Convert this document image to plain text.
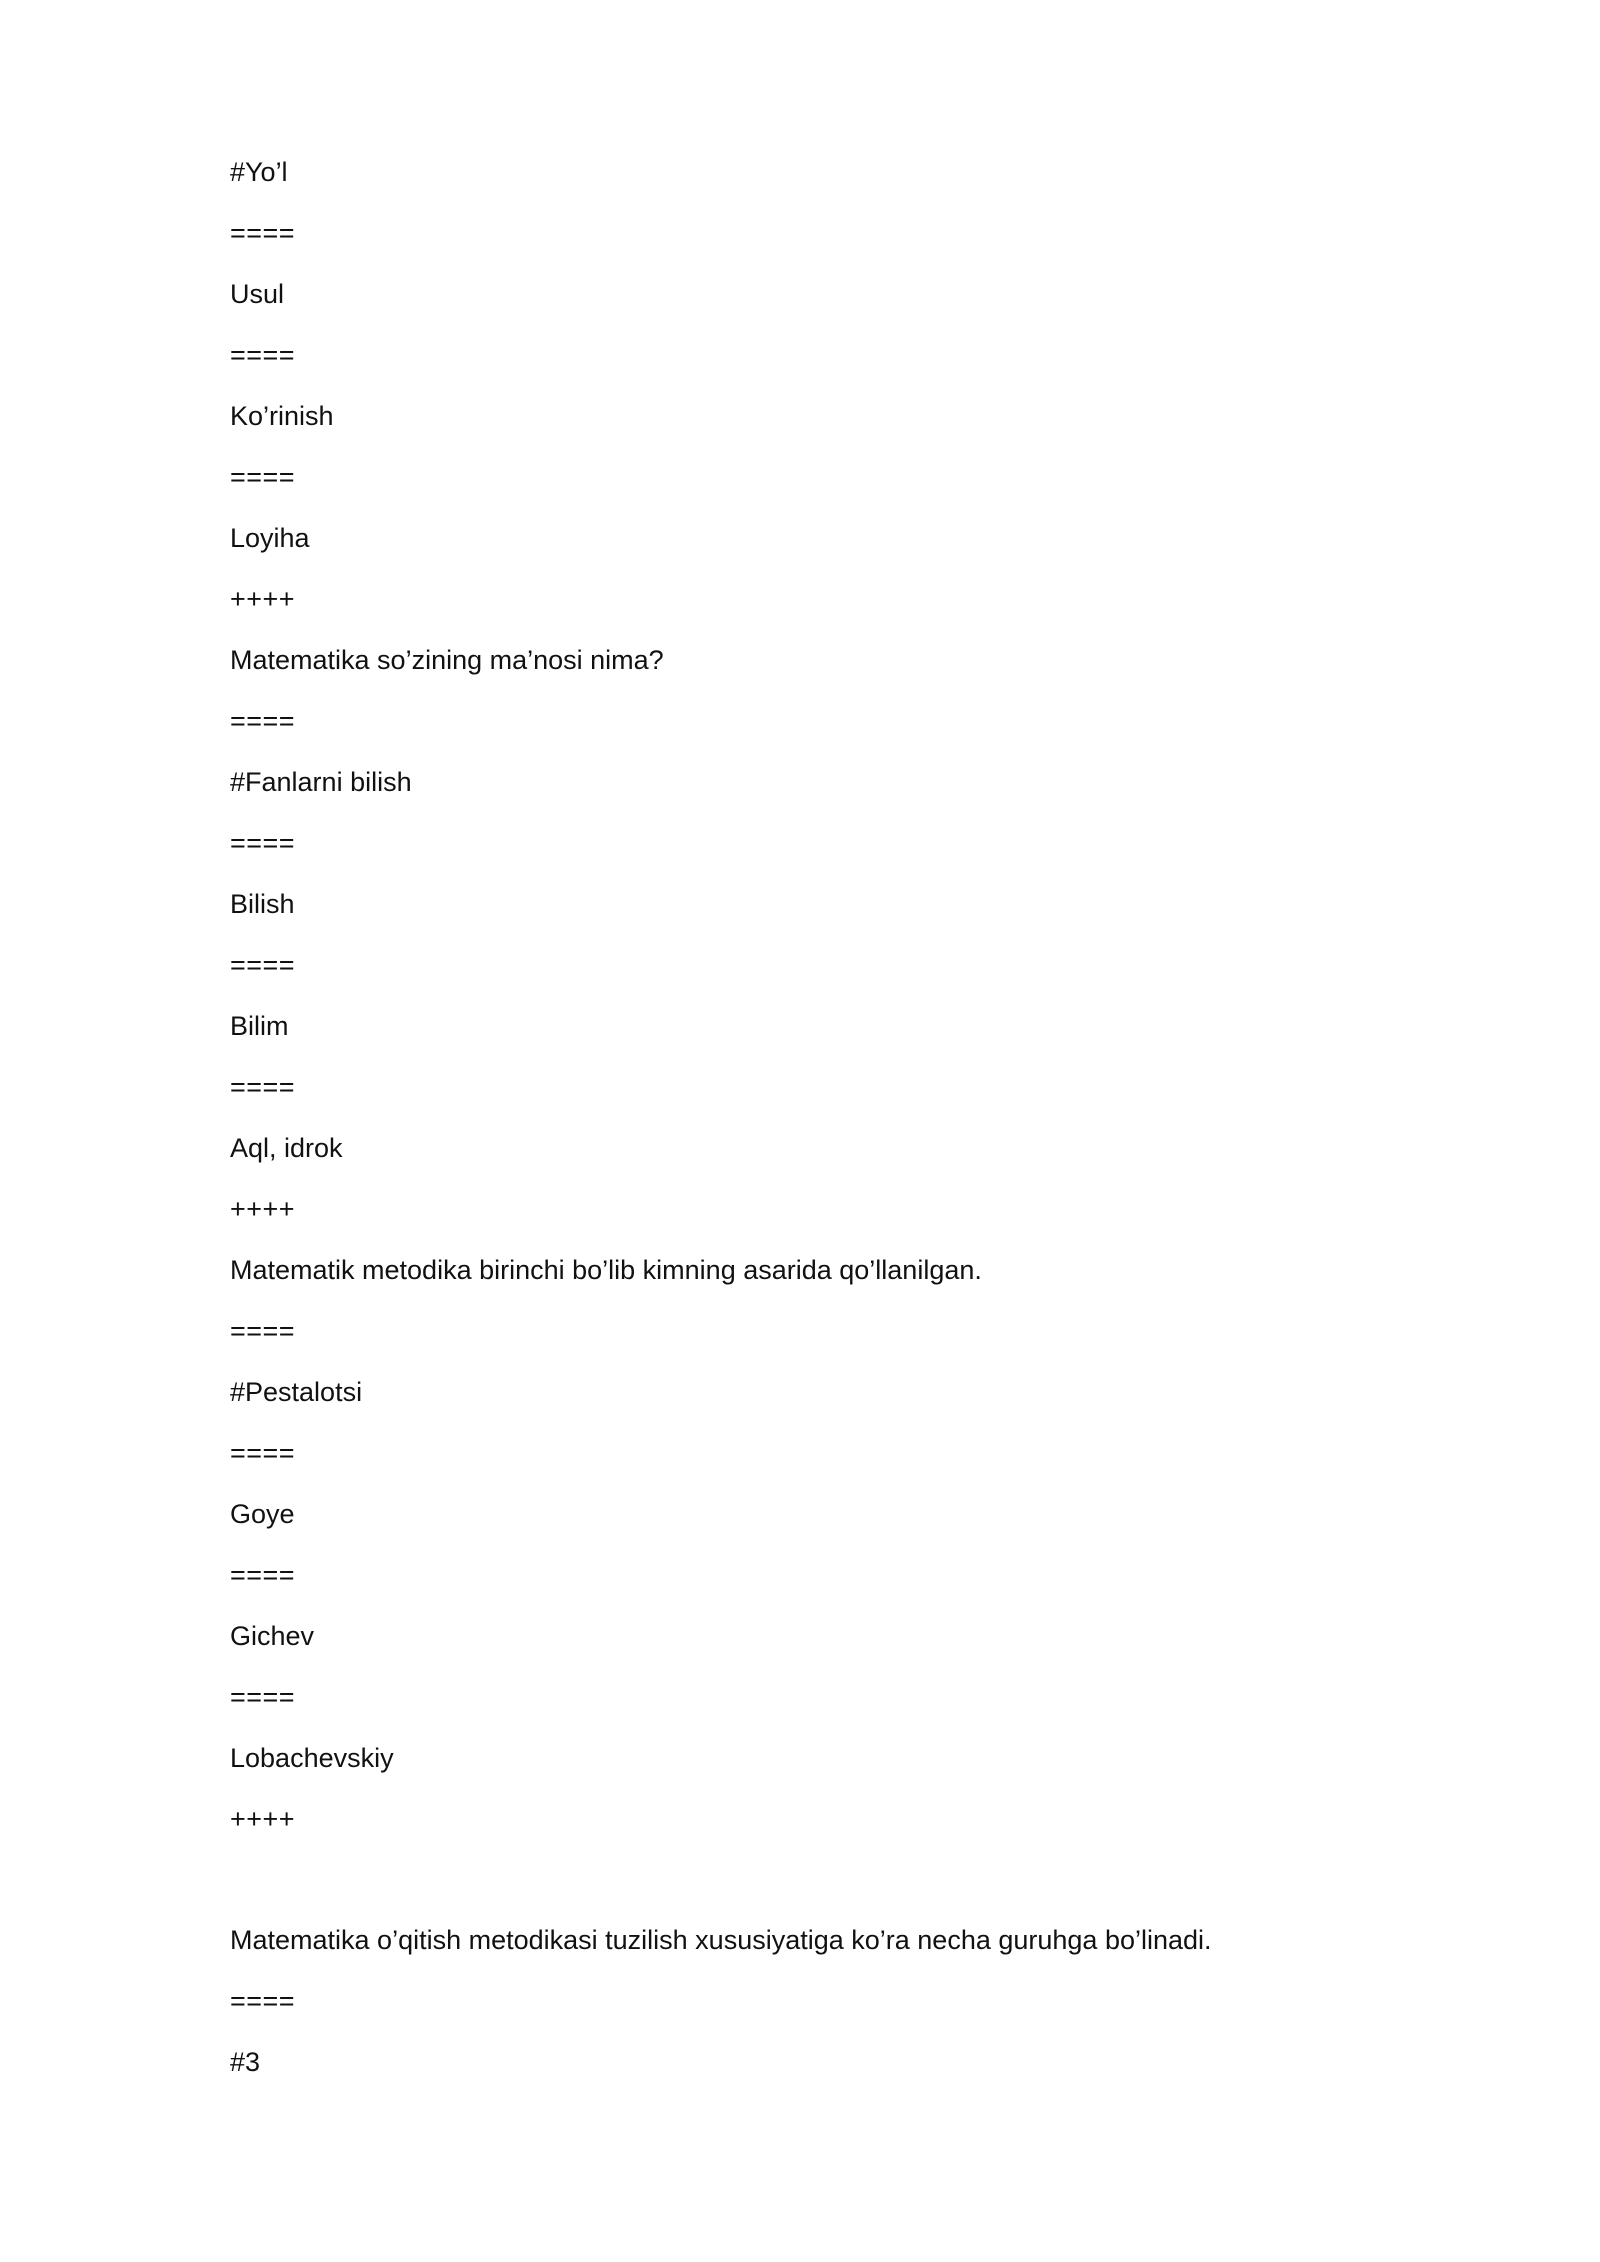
#Yo’l

====

Usul

====

Ko’rinish

====

Loyiha

++++

Matematika so’zining ma’nosi nima?

====

#Fanlarni bilish

====

Bilish

====

Bilim

====

Aql, idrok

++++

Matematik metodika birinchi bo’lib kimning asarida qo’llanilgan.

====

#Pestalotsi

====

Goye

====

Gichev

====

Lobachevskiy

++++

Matematika o’qitish metodikasi tuzilish xususiyatiga ko’ra necha guruhga bo’linadi.

====

#3
